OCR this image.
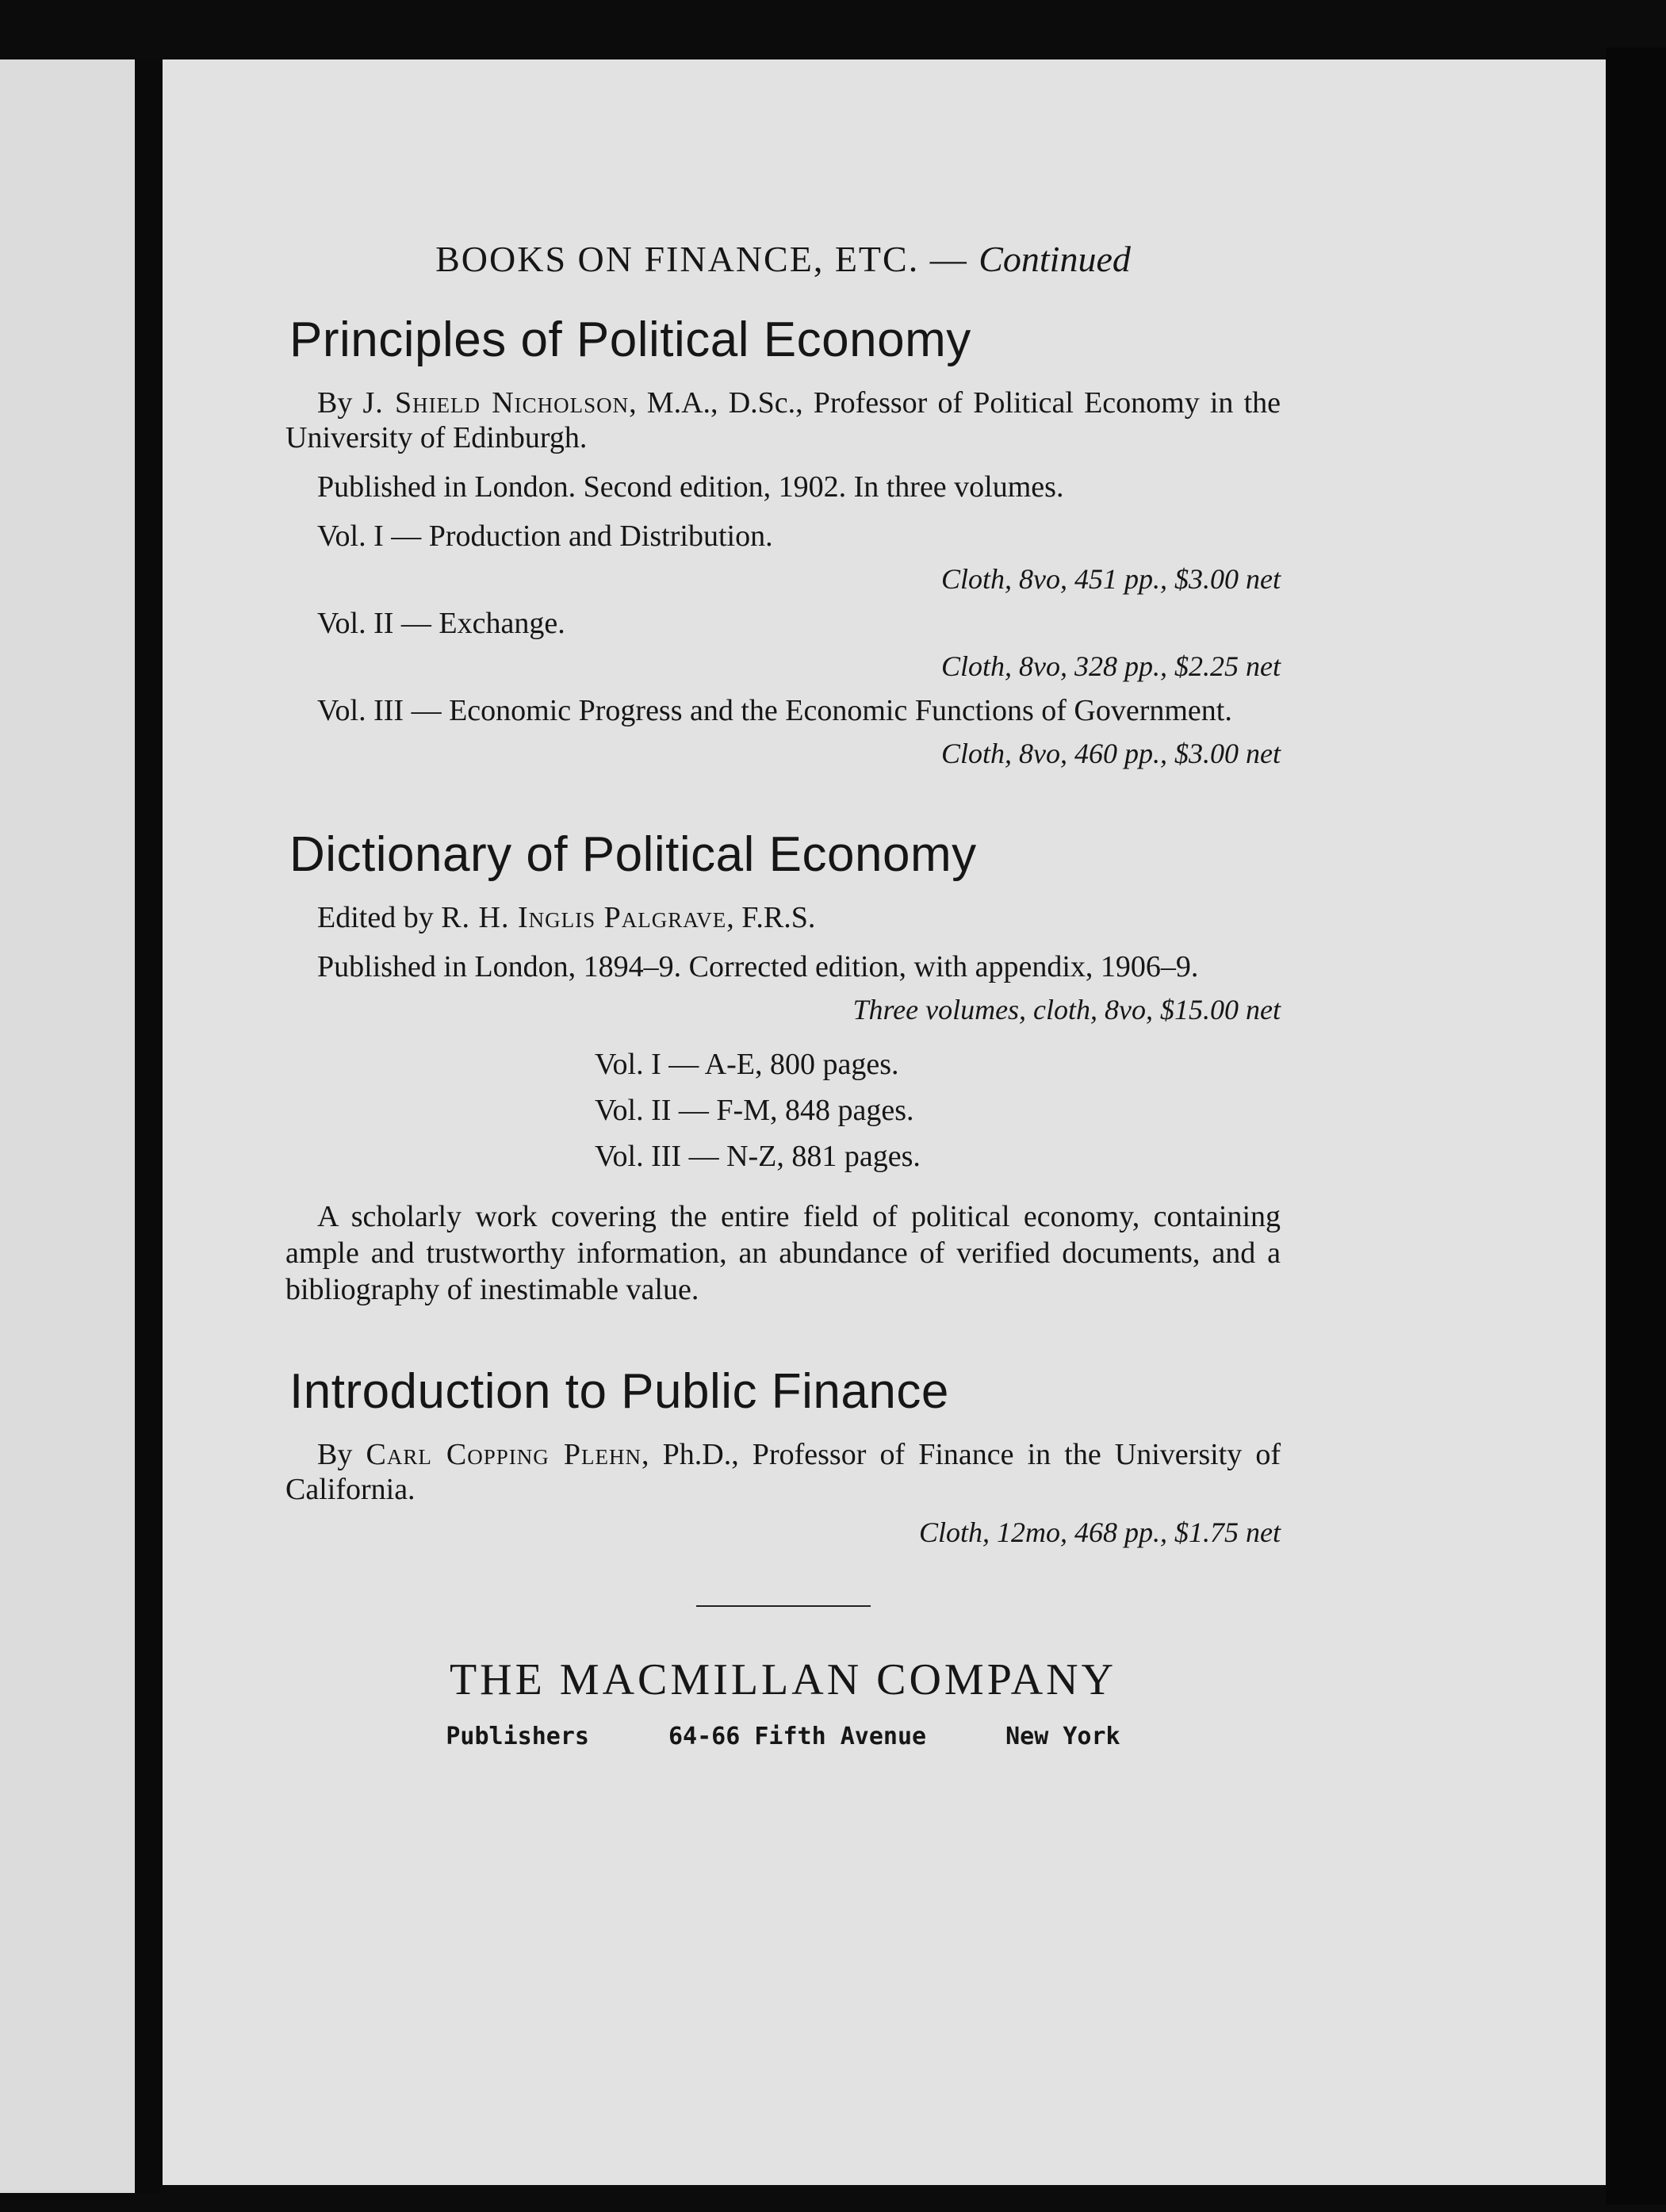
BOOKS ON FINANCE, ETC. — Continued
Principles of Political Economy

By J. Shield Nicholson, M.A., D.Sc., Professor of Political Economy in the University of Edinburgh.

Published in London. Second edition, 1902. In three volumes.

Vol. I — Production and Distribution.

Cloth, 8vo, 451 pp., $3.00 net

Vol. II — Exchange.

Cloth, 8vo, 328 pp., $2.25 net

Vol. III — Economic Progress and the Economic Functions of Government.

Cloth, 8vo, 460 pp., $3.00 net
Dictionary of Political Economy

Edited by R. H. Inglis Palgrave, F.R.S.

Published in London, 1894–9. Corrected edition, with appendix, 1906–9.

Three volumes, cloth, 8vo, $15.00 net
Vol. I — A-E, 800 pages.
Vol. II — F-M, 848 pages.
Vol. III — N-Z, 881 pages.

A scholarly work covering the entire field of political economy, containing ample and trustworthy information, an abundance of verified documents, and a bibliography of inestimable value.

Introduction to Public Finance

By Carl Copping Plehn, Ph.D., Professor of Finance in the University of California.

Cloth, 12mo, 468 pp., $1.75 net
THE MACMILLAN COMPANY
Publishers	64-66 Fifth Avenue	New York
